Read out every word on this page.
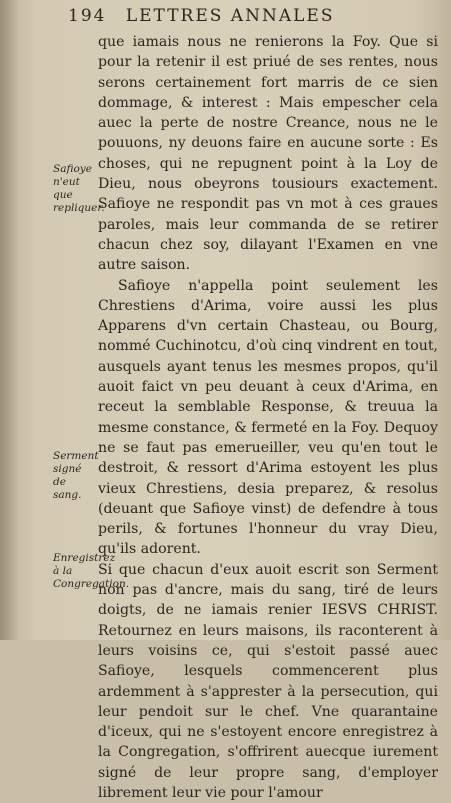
194 LETTRES ANNALES
Safioye n'eut que repliquer.
Serment signé de sang.
Enregistrez à la Congregation.

que iamais nous ne renierons la Foy. Que si pour la retenir il est priué de ses rentes, nous serons certainement fort marris de ce sien dommage, & interest : Mais empescher cela auec la perte de nostre Creance, nous ne le pouuons, ny deuons faire en aucune sorte : Es choses, qui ne repugnent point à la Loy de Dieu, nous obeyrons tousiours exactement. Safioye ne respondit pas vn mot à ces graues paroles, mais leur commanda de se retirer chacun chez soy, dilayant l'Examen en vne autre saison.

Safioye n'appella point seulement les Chrestiens d'Arima, voire aussi les plus Apparens d'vn certain Chasteau, ou Bourg, nommé Cuchinotcu, d'où cinq vindrent en tout, ausquels ayant tenus les mesmes propos, qu'il auoit faict vn peu deuant à ceux d'Arima, en receut la semblable Response, & treuua la mesme constance, & fermeté en la Foy. Dequoy ne se faut pas emerueiller, veu qu'en tout le destroit, & ressort d'Arima estoyent les plus vieux Chrestiens, desia preparez, & resolus (deuant que Safioye vinst) de defendre à tous perils, & fortunes l'honneur du vray Dieu, qu'ils adorent.

Si que chacun d'eux auoit escrit son Serment non pas d'ancre, mais du sang, tiré de leurs doigts, de ne iamais renier IESVS CHRIST. Retournez en leurs maisons, ils raconterent à leurs voisins ce, qui s'estoit passé auec Safioye, lesquels commencerent plus ardemment à s'apprester à la persecution, qui leur pendoit sur le chef. Vne quarantaine d'iceux, qui ne s'estoyent encore enregistrez à la Congregation, s'offrirent auecque iurement signé de leur propre sang, d'employer librement leur vie pour l'amour
